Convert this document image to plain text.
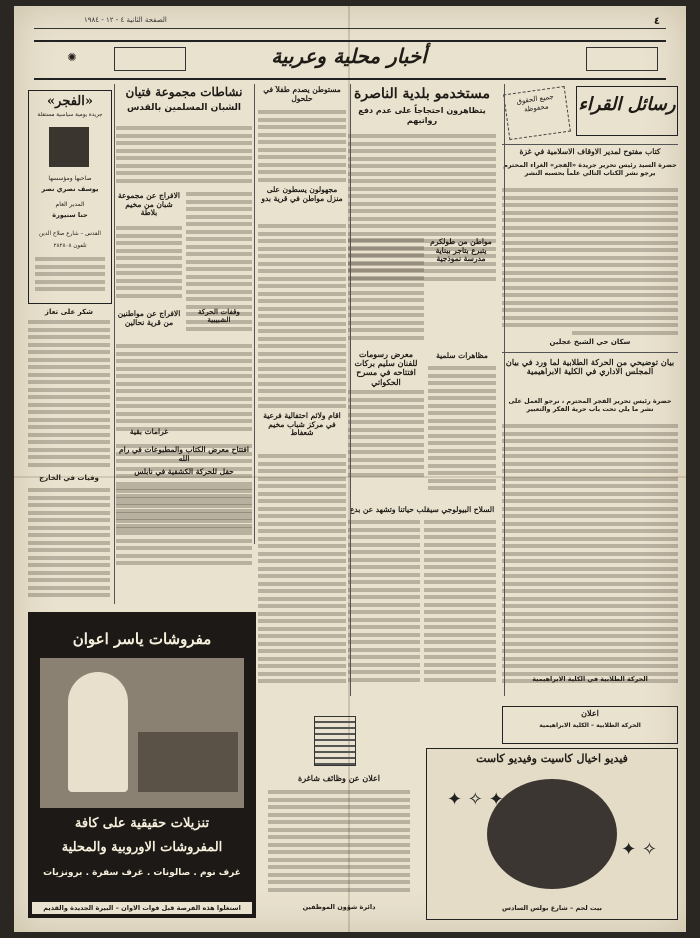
٤
الصفحة الثانية ٤ - ١٢ - ١٩٨٤
✺	أخبار محلية وعربية
رسائل القراء
جميع الحقوق محفوظة
كتاب مفتوح لمدير الاوقاف الاسلامية في غزة
حضرة السيد رئيس تحرير جريدة «الفجر» الغراء المحترم يرجو نشر الكتاب التالي علماً بحسبه النشر
سكان حي الشيخ عجلين
بيان توضيحي من الحركة الطلابية لما ورد في بيان المجلس الاداري في الكلية الابراهيمية
حضرة رئيس تحرير الفجر المحترم ، نرجو العمل على نشر ما يلي تحت باب حرية الفكر والتعبير
الحركة الطلابية في الكلية الابراهيمية
اعلان
الحركة الطلابية – الكلية الابراهيمية
فيديو اخيال كاسيت وفيديو كاست
✦ ✧ ✦
✧ ✦
بيت لحم – شارع بولس السادس
مستخدمو بلدية الناصرة
يتظاهرون احتجاجاً على عدم دفع رواتبهم
مواطن من طولكرم يتبرع بتاجر ببناية مدرسة نموذجية
معرض رسومات للفنان سليم بركات افتتاحه في مسرح الحكواتي
مظاهرات سلمية
السلاح البيولوجي سيقلب حياتنا وتشهد عن بدع
مستوطن يصدم طفلاً في حلحول
مجهولون يسطون على منزل مواطن في قرية بدو
اقام ولائم احتفالية فرعية في مركز شباب مخيم شعفاط
نشاطات مجموعة فتيان
الشبان المسلمين بالقدس
الافراج عن مجموعة شبان من مخيم بلاطة
وقفات الحركة الشبيبية
الافراج عن مواطنين من قرية نحالين
غرامات بقية
افتتاح معرض الكتاب والمطبوعات في رام الله
حفل للحركة الكشفية في نابلس
«الفجر»
جريدة يومية سياسية مستقلة
صاحبها ومؤسسها
يوسف نصري نصر
المدير العام
حنا سنيورة
القدس – شارع صلاح الدين
تلفون ٢٨٢٨٠٨
شكر على تعاز
وفيات في الخارج
مفروشات ياسر اعوان
تنزيلات حقيقية على كافة
المفروشات الاوروبية والمحلية
غرف نوم . صالونات . غرف سفرة . برونزيات
استغلوا هذه الفرصة قبل فوات الاوان – البيرة الجديدة والقديم
اعلان عن وظائف شاغرة
دائرة شؤون الموظفين
